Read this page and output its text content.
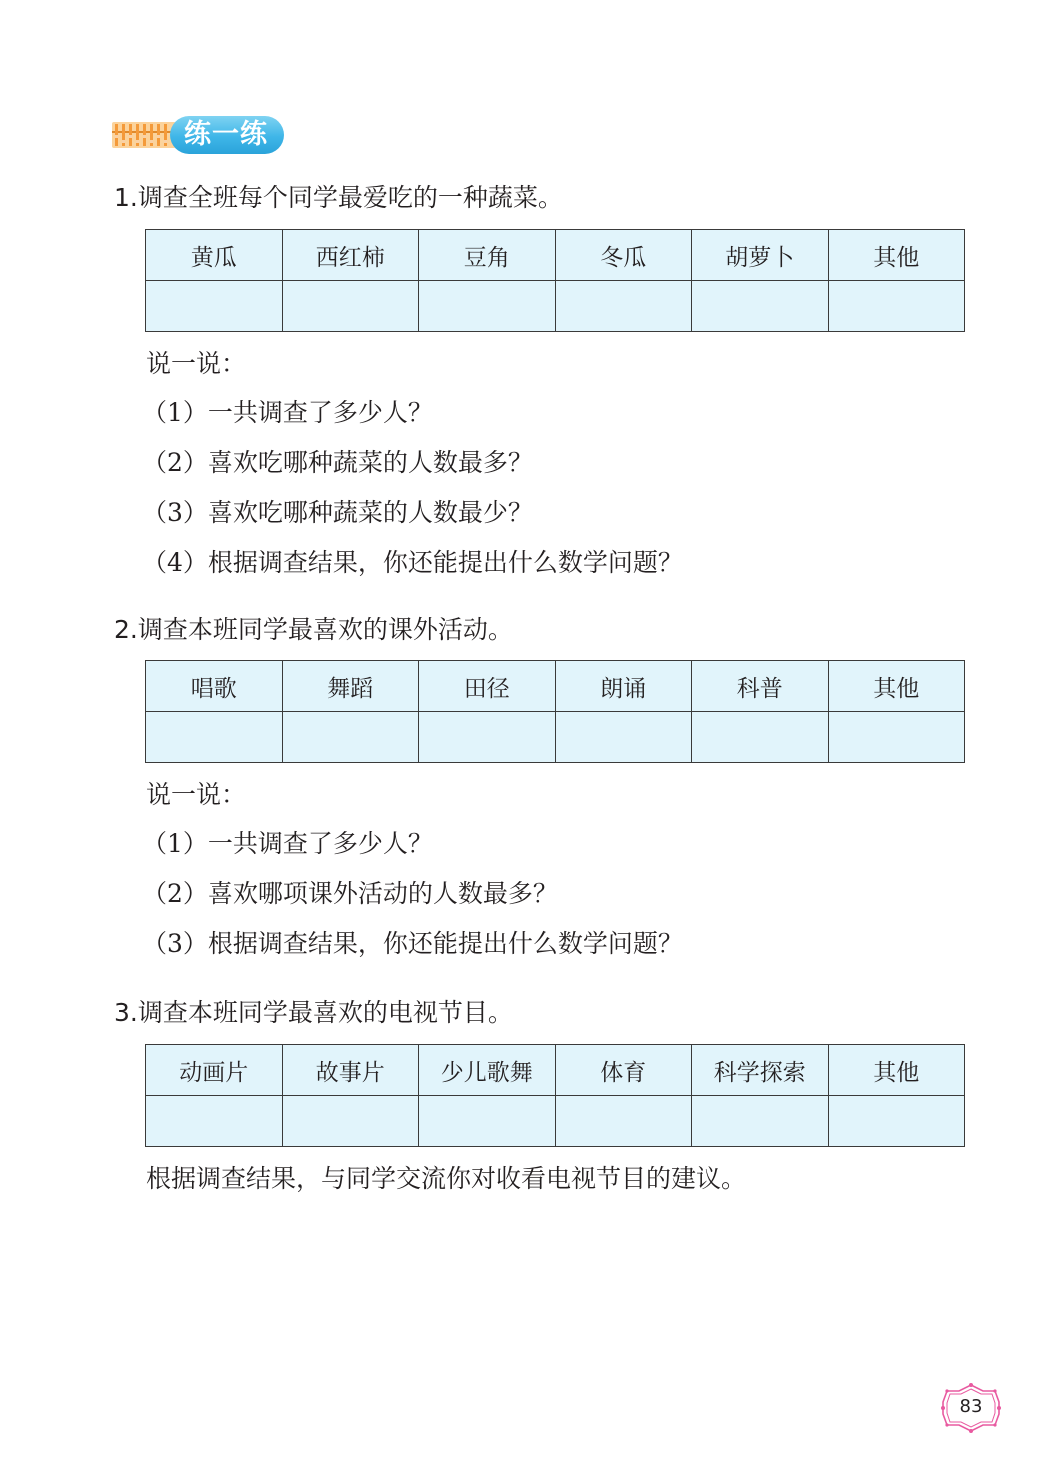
练一练
1.调查全班每个同学最爱吃的一种蔬菜。
黄瓜	西红柿	豆角	冬瓜	胡萝卜	其他

说一说：
（1）一共调查了多少人？
（2）喜欢吃哪种蔬菜的人数最多？
（3）喜欢吃哪种蔬菜的人数最少？
（4）根据调查结果，你还能提出什么数学问题？
2.调查本班同学最喜欢的课外活动。
唱歌	舞蹈	田径	朗诵	科普	其他

说一说：
（1）一共调查了多少人？
（2）喜欢哪项课外活动的人数最多？
（3）根据调查结果，你还能提出什么数学问题？
3.调查本班同学最喜欢的电视节目。
动画片	故事片	少儿歌舞	体育	科学探索	其他

根据调查结果，与同学交流你对收看电视节目的建议。
83
